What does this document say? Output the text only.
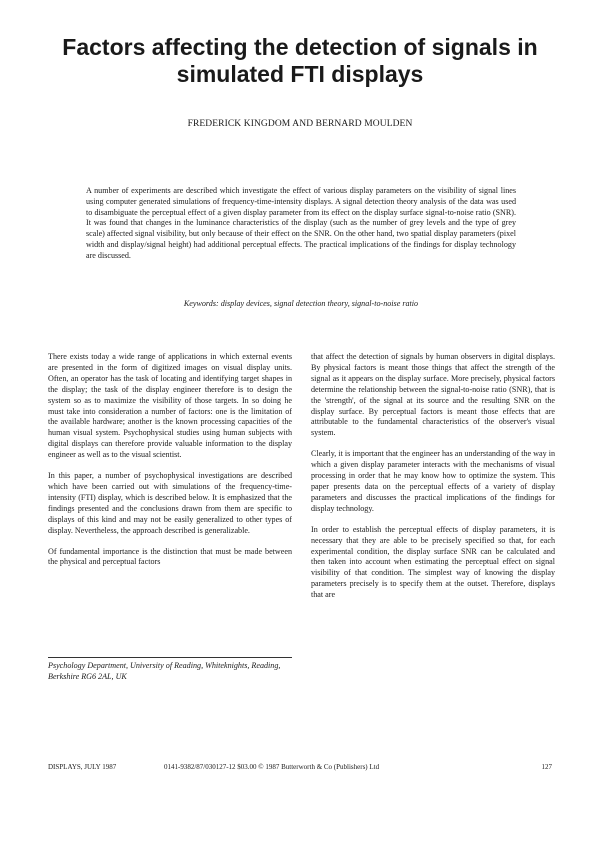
Factors affecting the detection of signals in simulated FTI displays
FREDERICK KINGDOM AND BERNARD MOULDEN

A number of experiments are described which investigate the effect of various display parameters on the visibility of signal lines using computer generated simulations of frequency-time-intensity displays. A signal detection theory analysis of the data was used to disambiguate the perceptual effect of a given display parameter from its effect on the display surface signal-to-noise ratio (SNR). It was found that changes in the luminance characteristics of the display (such as the number of grey levels and the type of grey scale) affected signal visibility, but only because of their effect on the SNR. On the other hand, two spatial display parameters (pixel width and display/signal height) had additional perceptual effects. The practical implications of the findings for display technology are discussed.

Keywords: display devices, signal detection theory, signal-to-noise ratio

There exists today a wide range of applications in which external events are presented in the form of digitized images on visual display units. Often, an operator has the task of locating and identifying target shapes in the display; the task of the display engineer therefore is to design the system so as to maximize the visibility of those targets. In so doing he must take into consideration a number of factors: one is the limitation of the available hardware; another is the known processing capacities of the human visual system. Psychophysical studies using human subjects with digital displays can therefore provide valuable information to the display engineer as well as to the visual scientist.

In this paper, a number of psychophysical investigations are described which have been carried out with simulations of the frequency-time-intensity (FTI) display, which is described below. It is emphasized that the findings presented and the conclusions drawn from them are specific to displays of this kind and may not be easily generalized to other types of display. Nevertheless, the approach described is generalizable.

Of fundamental importance is the distinction that must be made between the physical and perceptual factors

Psychology Department, University of Reading, Whiteknights, Reading, Berkshire RG6 2AL, UK

that affect the detection of signals by human observers in digital displays. By physical factors is meant those things that affect the strength of the signal as it appears on the display surface. More precisely, physical factors determine the relationship between the signal-to-noise ratio (SNR), that is the 'strength', of the signal at its source and the resulting SNR on the display surface. By perceptual factors is meant those effects that are attributable to the fundamental characteristics of the observer's visual system.

Clearly, it is important that the engineer has an understanding of the way in which a given display parameter interacts with the mechanisms of visual processing in order that he may know how to optimize the system. This paper presents data on the perceptual effects of a variety of display parameters and discusses the practical implications of the findings for display technology.

In order to establish the perceptual effects of display parameters, it is necessary that they are able to be precisely specified so that, for each experimental condition, the display surface SNR can be calculated and then taken into account when estimating the perceptual effect on signal visibility of that condition. The simplest way of knowing the display parameters precisely is to specify them at the outset. Therefore, displays that are

DISPLAYS, JULY 1987	0141-9382/87/030127-12 $03.00 © 1987 Butterworth & Co (Publishers) Ltd	127
